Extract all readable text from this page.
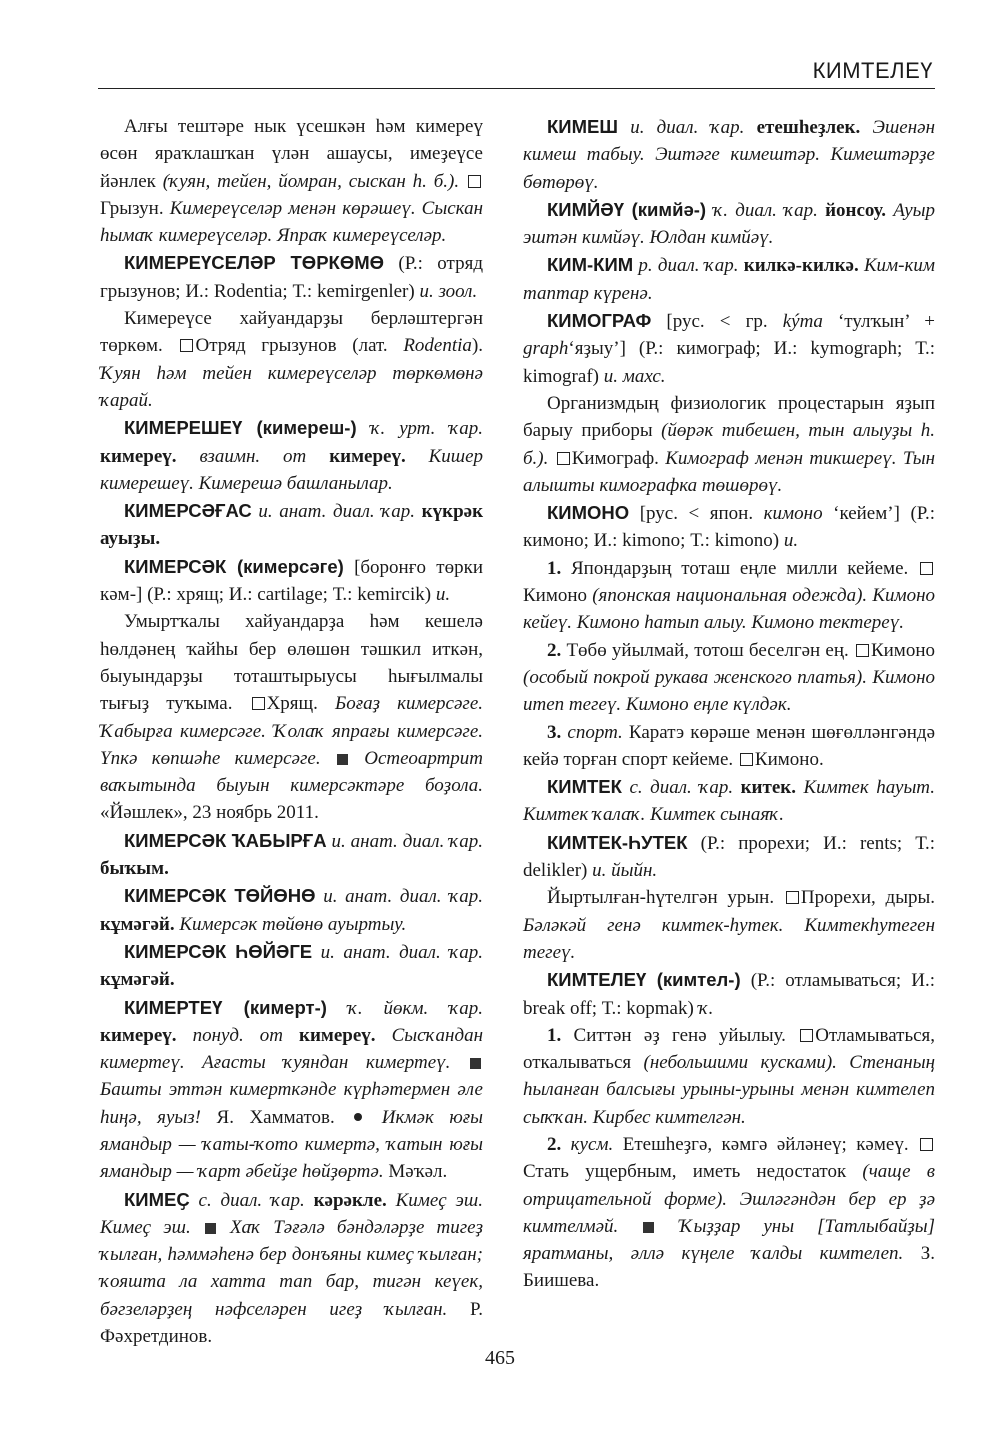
КИМТЕЛЕҮ

Алғы тештәре нык үсешкән һәм кимереү өсөн яраҡлашҡан үлән ашаусы, имеҙеүсе йәнлек (ҡуян, тейен, йомран, сыскан һ. б.). Грызун. Кимереүселәр менән көрәшеү. Сыскан һымаҡ кимереүселәр. Япраҡ кимереүселәр.

КИМЕРЕҮСЕЛӘР ТӨРКӨМӨ (Р.: отряд грызунов; И.: Rodentia; Т.: kemirgenler) и. зоол.

Кимереүсе хайуандарҙы берләштергән төркөм. Отряд грызунов (лат. Rodentia). Ҡуян һәм тейен кимереүселәр төркөмөнә ҡарай.

КИМЕРЕШЕҮ (кимереш-) ҡ. урт. ҡар. кимереү. взаимн. от кимереү. Кишер кимерешеү. Кимерешә башланылар.

КИМЕРСӘҒАС и. анат. диал. ҡар. күкрәк ауыҙы.

КИМЕРСӘК (кимерсәге) [боронғо төрки кәм-] (Р.: хрящ; И.: cartilage; Т.: kemircik) и.

Умыртҡалы хайуандарҙа һәм кешелә һөлдәнең ҡайһы бер өлөшөн тәшкил иткән, быуындарҙы тоташтырыусы һығылмалы тығыҙ туҡыма. Хрящ. Боғаҙ кимерсәге. Ҡабырға кимерсәге. Ҡолаҡ япрағы кимерсәге. Үпкә көпшәһе кимерсәге. Остеоартрит ваҡытында быуын кимерсәктәре боҙола. «Йәшлек», 23 ноябрь 2011.

КИМЕРСӘК ҠАБЫРҒА и. анат. диал. ҡар. быҡым.

КИМЕРСӘК ТӨЙӨНӨ и. анат. диал. ҡар. кұмәгәй. Кимерсәк төйөнө ауыртыу.

КИМЕРСӘК ҺӨЙӘГЕ и. анат. диал. ҡар. кұмәгәй.

КИМЕРТЕҮ (кимерт-) ҡ. йөкм. ҡар. кимереү. понуд. от кимереү. Сысҡандан кимертеү. Ағасты ҡуяндан кимертеү.  Башты эттән кимерткәнде күрһәтермен әле һиңә, яуыз! Я. Хамматов. Икмәк юғы ямандыр — ҡаты-ҡото кимертә, ҡатын юғы ямандыр — ҡарт әбейҙе һөйҙөртә. Мәҡәл.

КИМЕҪ с. диал. ҡар. кәрәкле. Кимеҫ эш. Кимеҫ эш. Хаҡ Тәғәлә бәндәләрҙе тигеҙ ҡылған, һәммәһенә бер донъяны кимеҫ ҡылған; ҡояшта ла хатта тап бар, тигән кеүек, бәгзеләрҙең нәфселәрен игеҙ ҡылған. Р. Фәхретдинов.

КИМЕШ и. диал. ҡар. етешһеҙлек. Эшенән кимеш табыу. Эштәге кимештәр. Кимештәрҙе бөтөрөү.

КИМЙӘҮ (кимйә-) ҡ. диал. ҡар. йонсоу. Ауыр эштән кимйәү. Юлдан кимйәү.

КИМ-КИМ р. диал. ҡар. килкә-килкә. Ким-ким таптар күренә.

КИМОГРАФ [рус. < гр. kýma ‘тулҡын’ + graph‘яҙыу’] (Р.: кимограф; И.: kymograph; Т.: kimograf) и. махс.

Организмдың физиологик процестарын яҙып барыу приборы (йөрәк тибешен, тын алыуҙы һ. б.). Кимограф. Кимограф менән тикшереү. Тын алышты кимографка төшөрөү.

КИМОНО [рус. < япон. кимоно ‘кейем’] (Р.: кимоно; И.: kimono; Т.: kimono) и.

1. Япондарҙың тоташ еңле милли кейеме. Кимоно (японская национальная одежда). Кимоно кейеү. Кимоно һатып алыу. Кимоно тектереү.

2. Төбө уйылмай, тотош беселгән ең. Кимоно (особый покрой рукава женского платья). Кимоно итеп тегеү. Кимоно еңле күлдәк.

3. спорт. Каратэ көрәше менән шөғөлләнгәндә кейә торған спорт кейеме. Кимоно.

КИМТЕК с. диал. ҡар. китек. Кимтек һауыт. Кимтек ҡалаҡ. Кимтек сынаяҡ.

КИМТЕК-ҺУТЕК (Р.: прорехи; И.: rents; Т.: delikler) и. йыйн.

Йыртылған-һүтелгән урын. Прорехи, дыры. Бәләкәй генә кимтек-һутек. Кимтекһутеген тегеү.

КИМТЕЛЕҮ (кимтел-) (Р.: отламываться; И.: break off; Т.: kopmak) ҡ.

1. Ситтән әҙ генә уйылыу. Отламываться, откалываться (небольшими кусками). Стенаның һыланған балсығы урыны-урыны менән кимтелеп сыҡҡан. Кирбес кимтелгән.

2. кусм. Етешһеҙгә, кәмгә әйләнеү; кәмеү. Стать ущербным, иметь недостаток (чаще в отрицательной форме). Эшләгәндән бер ер ҙә кимтелмәй.	Ҡыҙҙар уны [Татлыбайҙы] яратманы, әллә күңеле ҡалды кимтелеп. З. Биишева.

465
